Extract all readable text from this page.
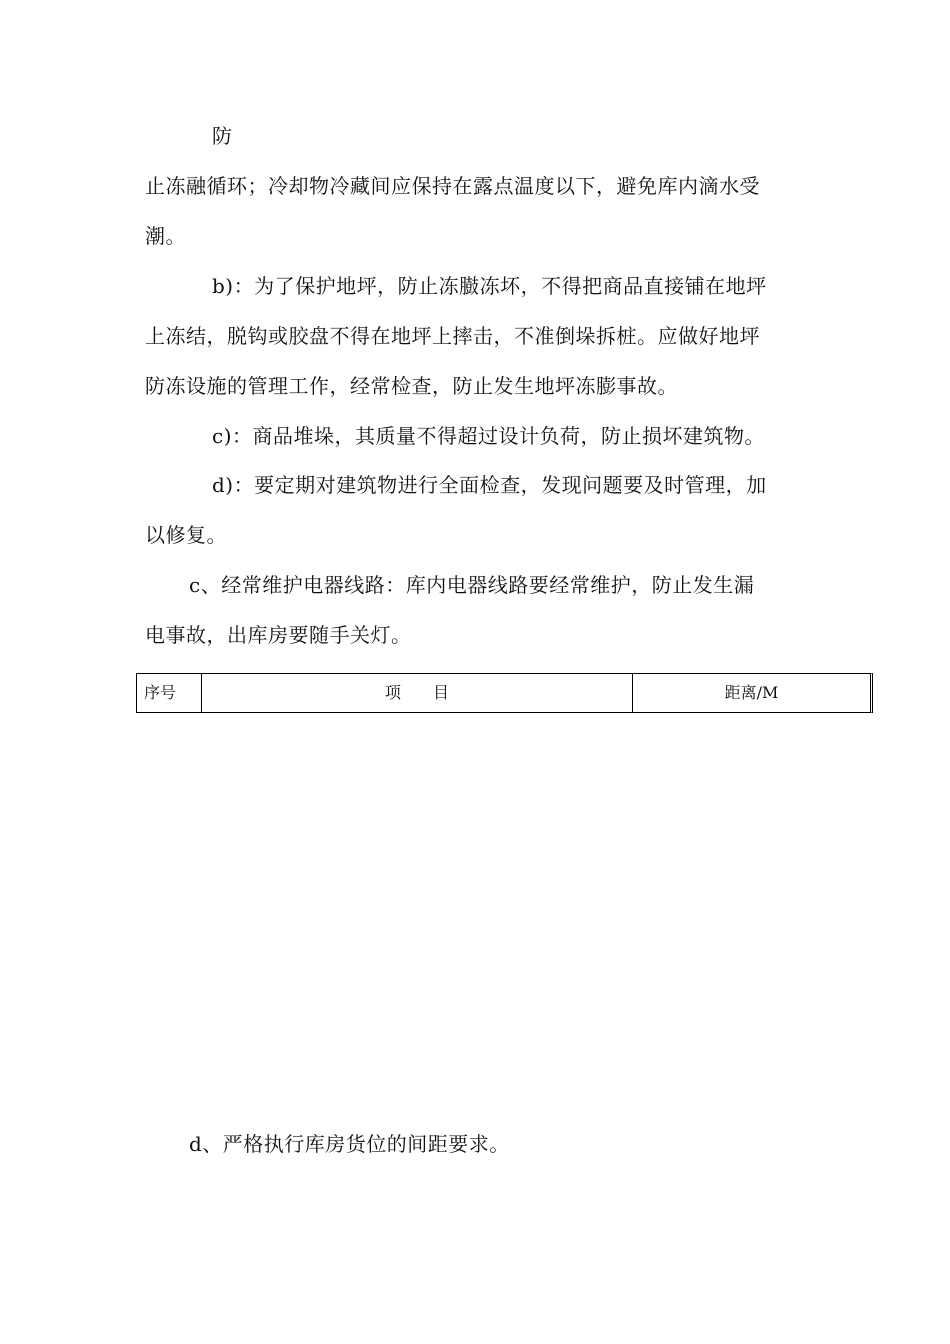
防
止冻融循环；冷却物冷藏间应保持在露点温度以下，避免库内滴水受
潮。
b)：为了保护地坪，防止冻臌冻坏，不得把商品直接铺在地坪
上冻结，脱钩或胶盘不得在地坪上摔击，不准倒垛拆桩。应做好地坪
防冻设施的管理工作，经常检查，防止发生地坪冻膨事故。
c)：商品堆垛，其质量不得超过设计负荷，防止损坏建筑物。
d)：要定期对建筑物进行全面检查，发现问题要及时管理，加
以修复。
c、经常维护电器线路：库内电器线路要经常维护，防止发生漏
电事故，出库房要随手关灯。
序号	项　　目	距离/M
d、严格执行库房货位的间距要求。
